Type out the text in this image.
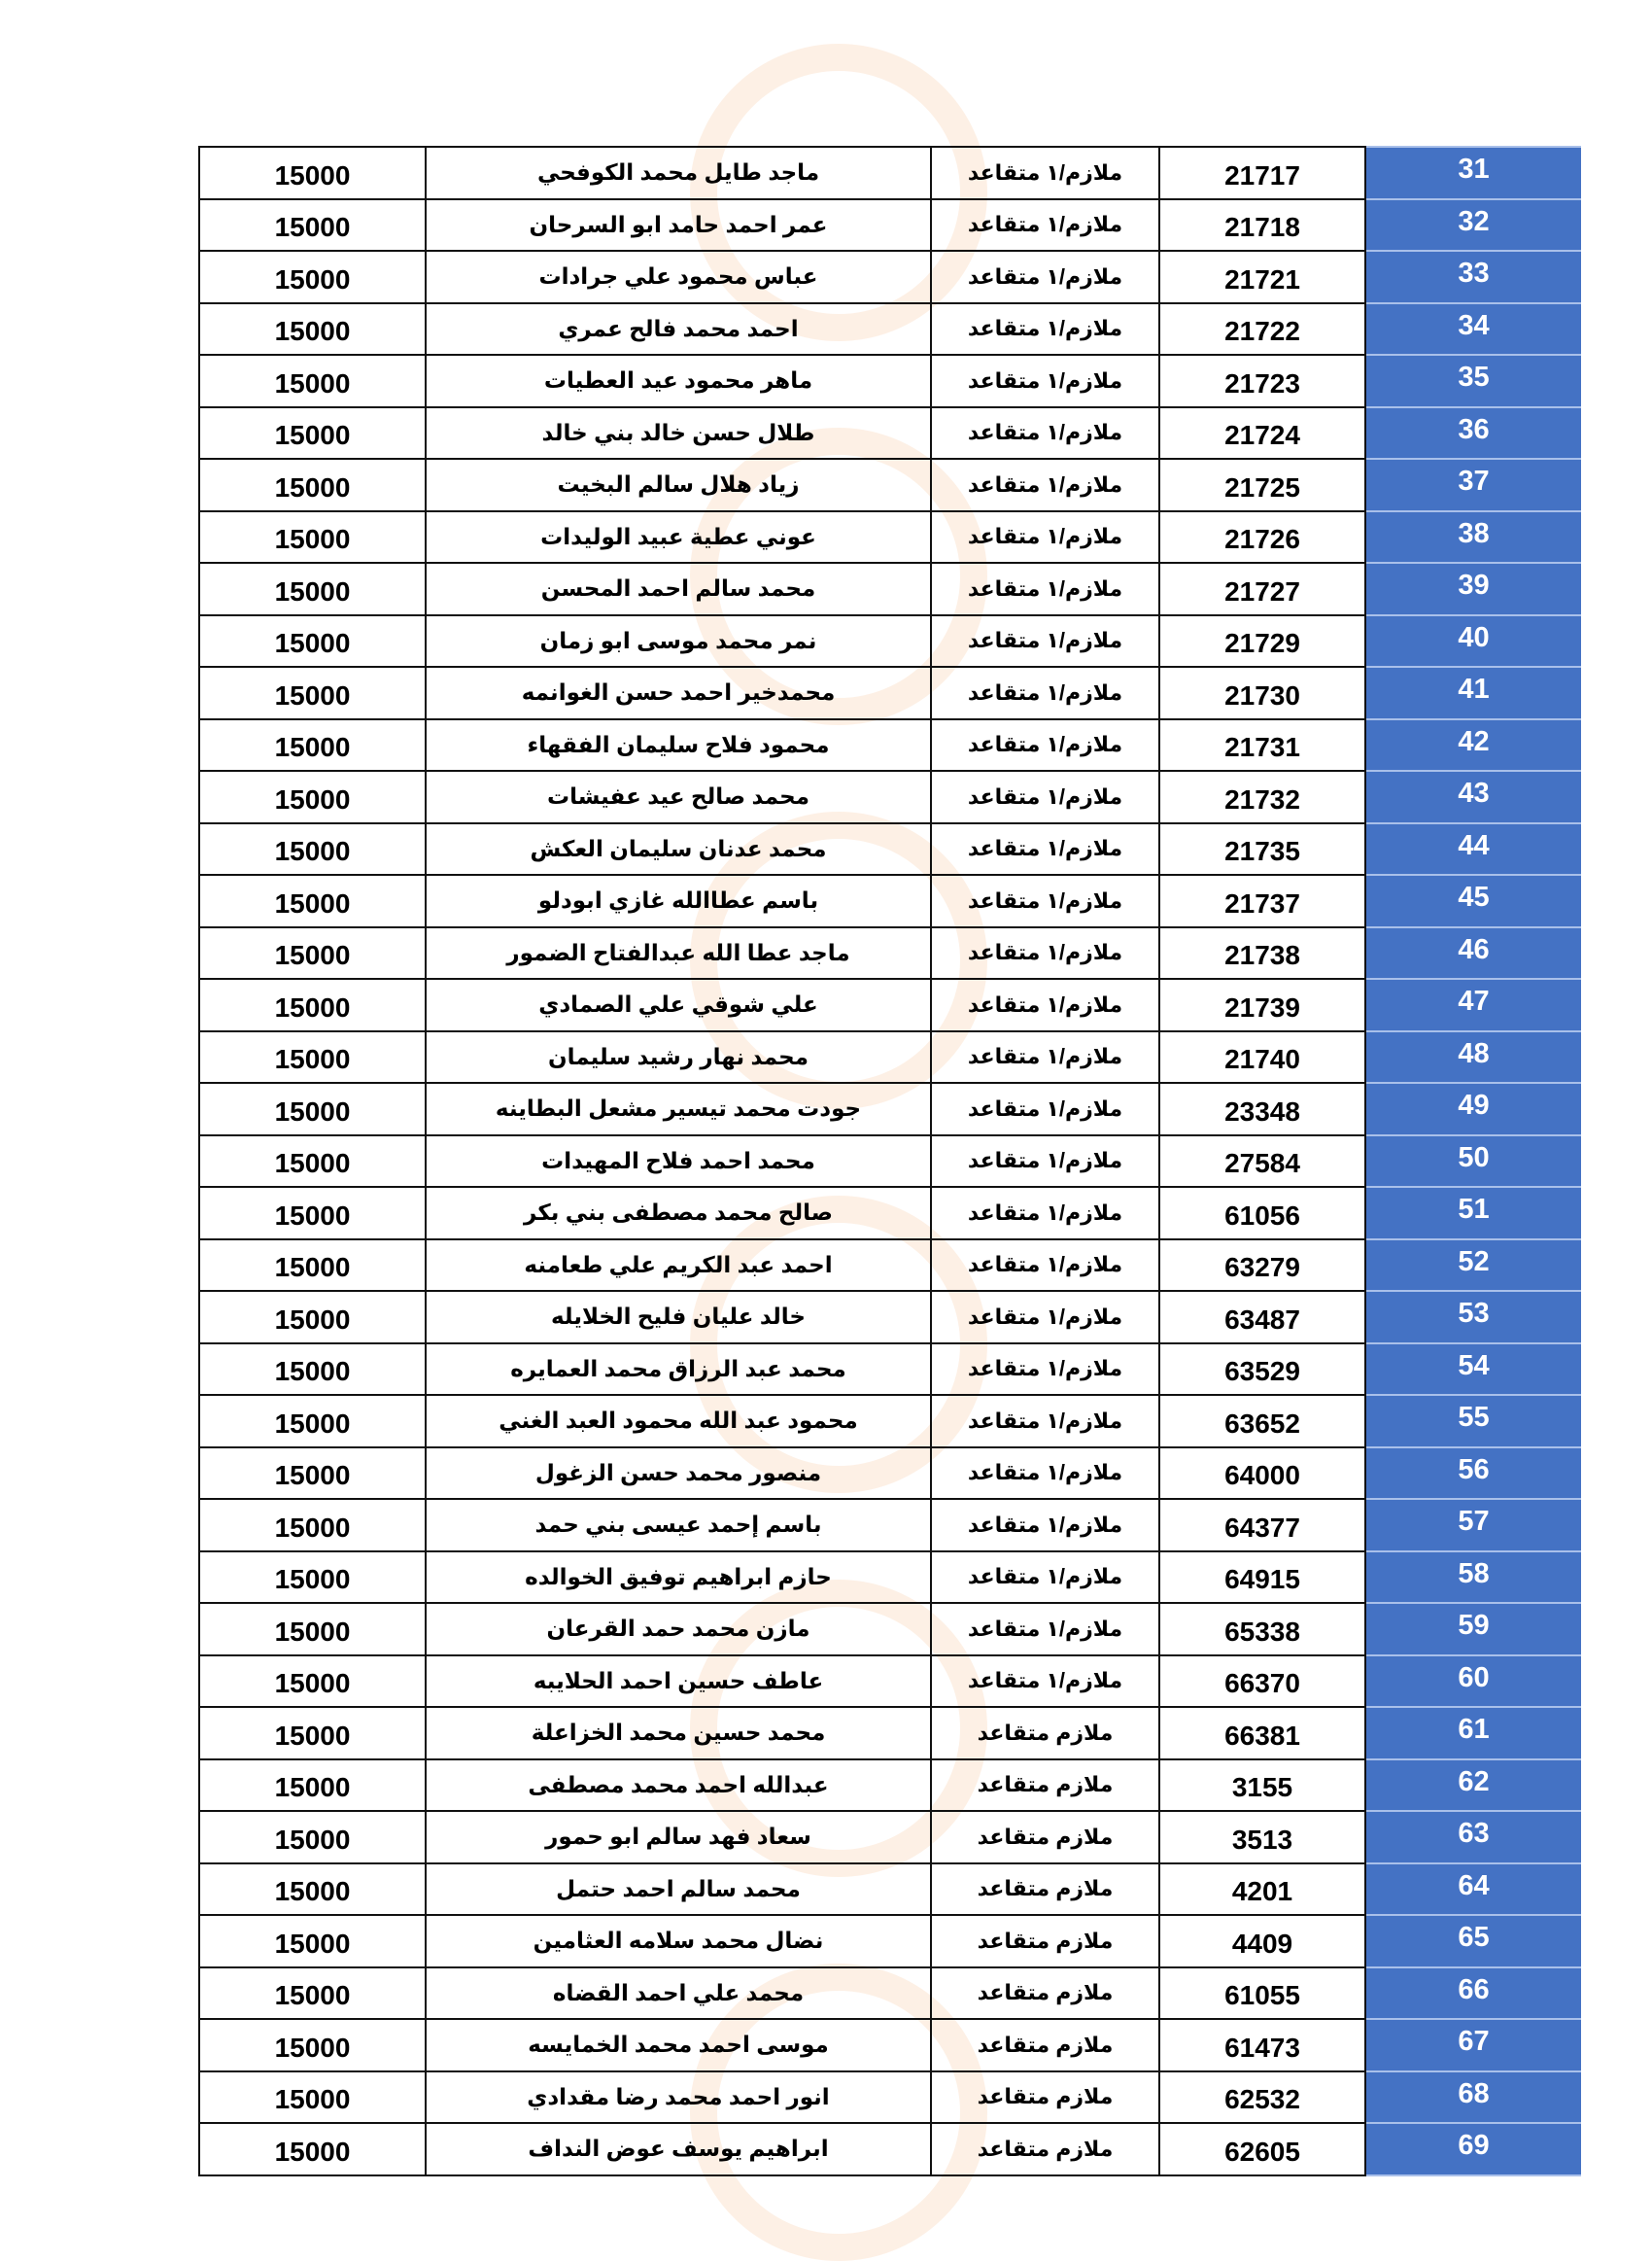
15000	ماجد طايل محمد الكوفحي	ملازم/١ متقاعد	21717	31
15000	عمر احمد حامد ابو السرحان	ملازم/١ متقاعد	21718	32
15000	عباس محمود علي جرادات	ملازم/١ متقاعد	21721	33
15000	احمد محمد فالح عمري	ملازم/١ متقاعد	21722	34
15000	ماهر محمود عيد العطيات	ملازم/١ متقاعد	21723	35
15000	طلال حسن خالد بني خالد	ملازم/١ متقاعد	21724	36
15000	زياد هلال سالم البخيت	ملازم/١ متقاعد	21725	37
15000	عوني عطية عبيد الوليدات	ملازم/١ متقاعد	21726	38
15000	محمد سالم احمد المحسن	ملازم/١ متقاعد	21727	39
15000	نمر محمد موسى ابو زمان	ملازم/١ متقاعد	21729	40
15000	محمدخير احمد حسن الغوانمه	ملازم/١ متقاعد	21730	41
15000	محمود فلاح سليمان الفقهاء	ملازم/١ متقاعد	21731	42
15000	محمد صالح عيد عفيشات	ملازم/١ متقاعد	21732	43
15000	محمد عدنان سليمان العكش	ملازم/١ متقاعد	21735	44
15000	باسم عطاالله غازي ابودلو	ملازم/١ متقاعد	21737	45
15000	ماجد عطا الله عبدالفتاح الضمور	ملازم/١ متقاعد	21738	46
15000	علي شوقي علي الصمادي	ملازم/١ متقاعد	21739	47
15000	محمد نهار رشيد سليمان	ملازم/١ متقاعد	21740	48
15000	جودت محمد تيسير مشعل البطاينه	ملازم/١ متقاعد	23348	49
15000	محمد احمد فلاح المهيدات	ملازم/١ متقاعد	27584	50
15000	صالح محمد مصطفى بني بكر	ملازم/١ متقاعد	61056	51
15000	احمد عبد الكريم علي طعامنه	ملازم/١ متقاعد	63279	52
15000	خالد عليان فليح الخلايله	ملازم/١ متقاعد	63487	53
15000	محمد عبد الرزاق محمد العمايره	ملازم/١ متقاعد	63529	54
15000	محمود عبد الله محمود العبد الغني	ملازم/١ متقاعد	63652	55
15000	منصور محمد حسن الزغول	ملازم/١ متقاعد	64000	56
15000	باسم إحمد عيسى بني حمد	ملازم/١ متقاعد	64377	57
15000	حازم ابراهيم توفيق الخوالده	ملازم/١ متقاعد	64915	58
15000	مازن محمد حمد القرعان	ملازم/١ متقاعد	65338	59
15000	عاطف حسين احمد الحلايبه	ملازم/١ متقاعد	66370	60
15000	محمد حسين محمد الخزاعلة	ملازم متقاعد	66381	61
15000	عبدالله احمد محمد مصطفى	ملازم متقاعد	3155	62
15000	سعاد فهد سالم ابو حمور	ملازم متقاعد	3513	63
15000	محمد سالم احمد حتمل	ملازم متقاعد	4201	64
15000	نضال محمد سلامه العثامين	ملازم متقاعد	4409	65
15000	محمد علي احمد القضاه	ملازم متقاعد	61055	66
15000	موسى احمد محمد الخمايسه	ملازم متقاعد	61473	67
15000	انور احمد محمد رضا مقدادي	ملازم متقاعد	62532	68
15000	ابراهيم يوسف عوض النداف	ملازم متقاعد	62605	69
